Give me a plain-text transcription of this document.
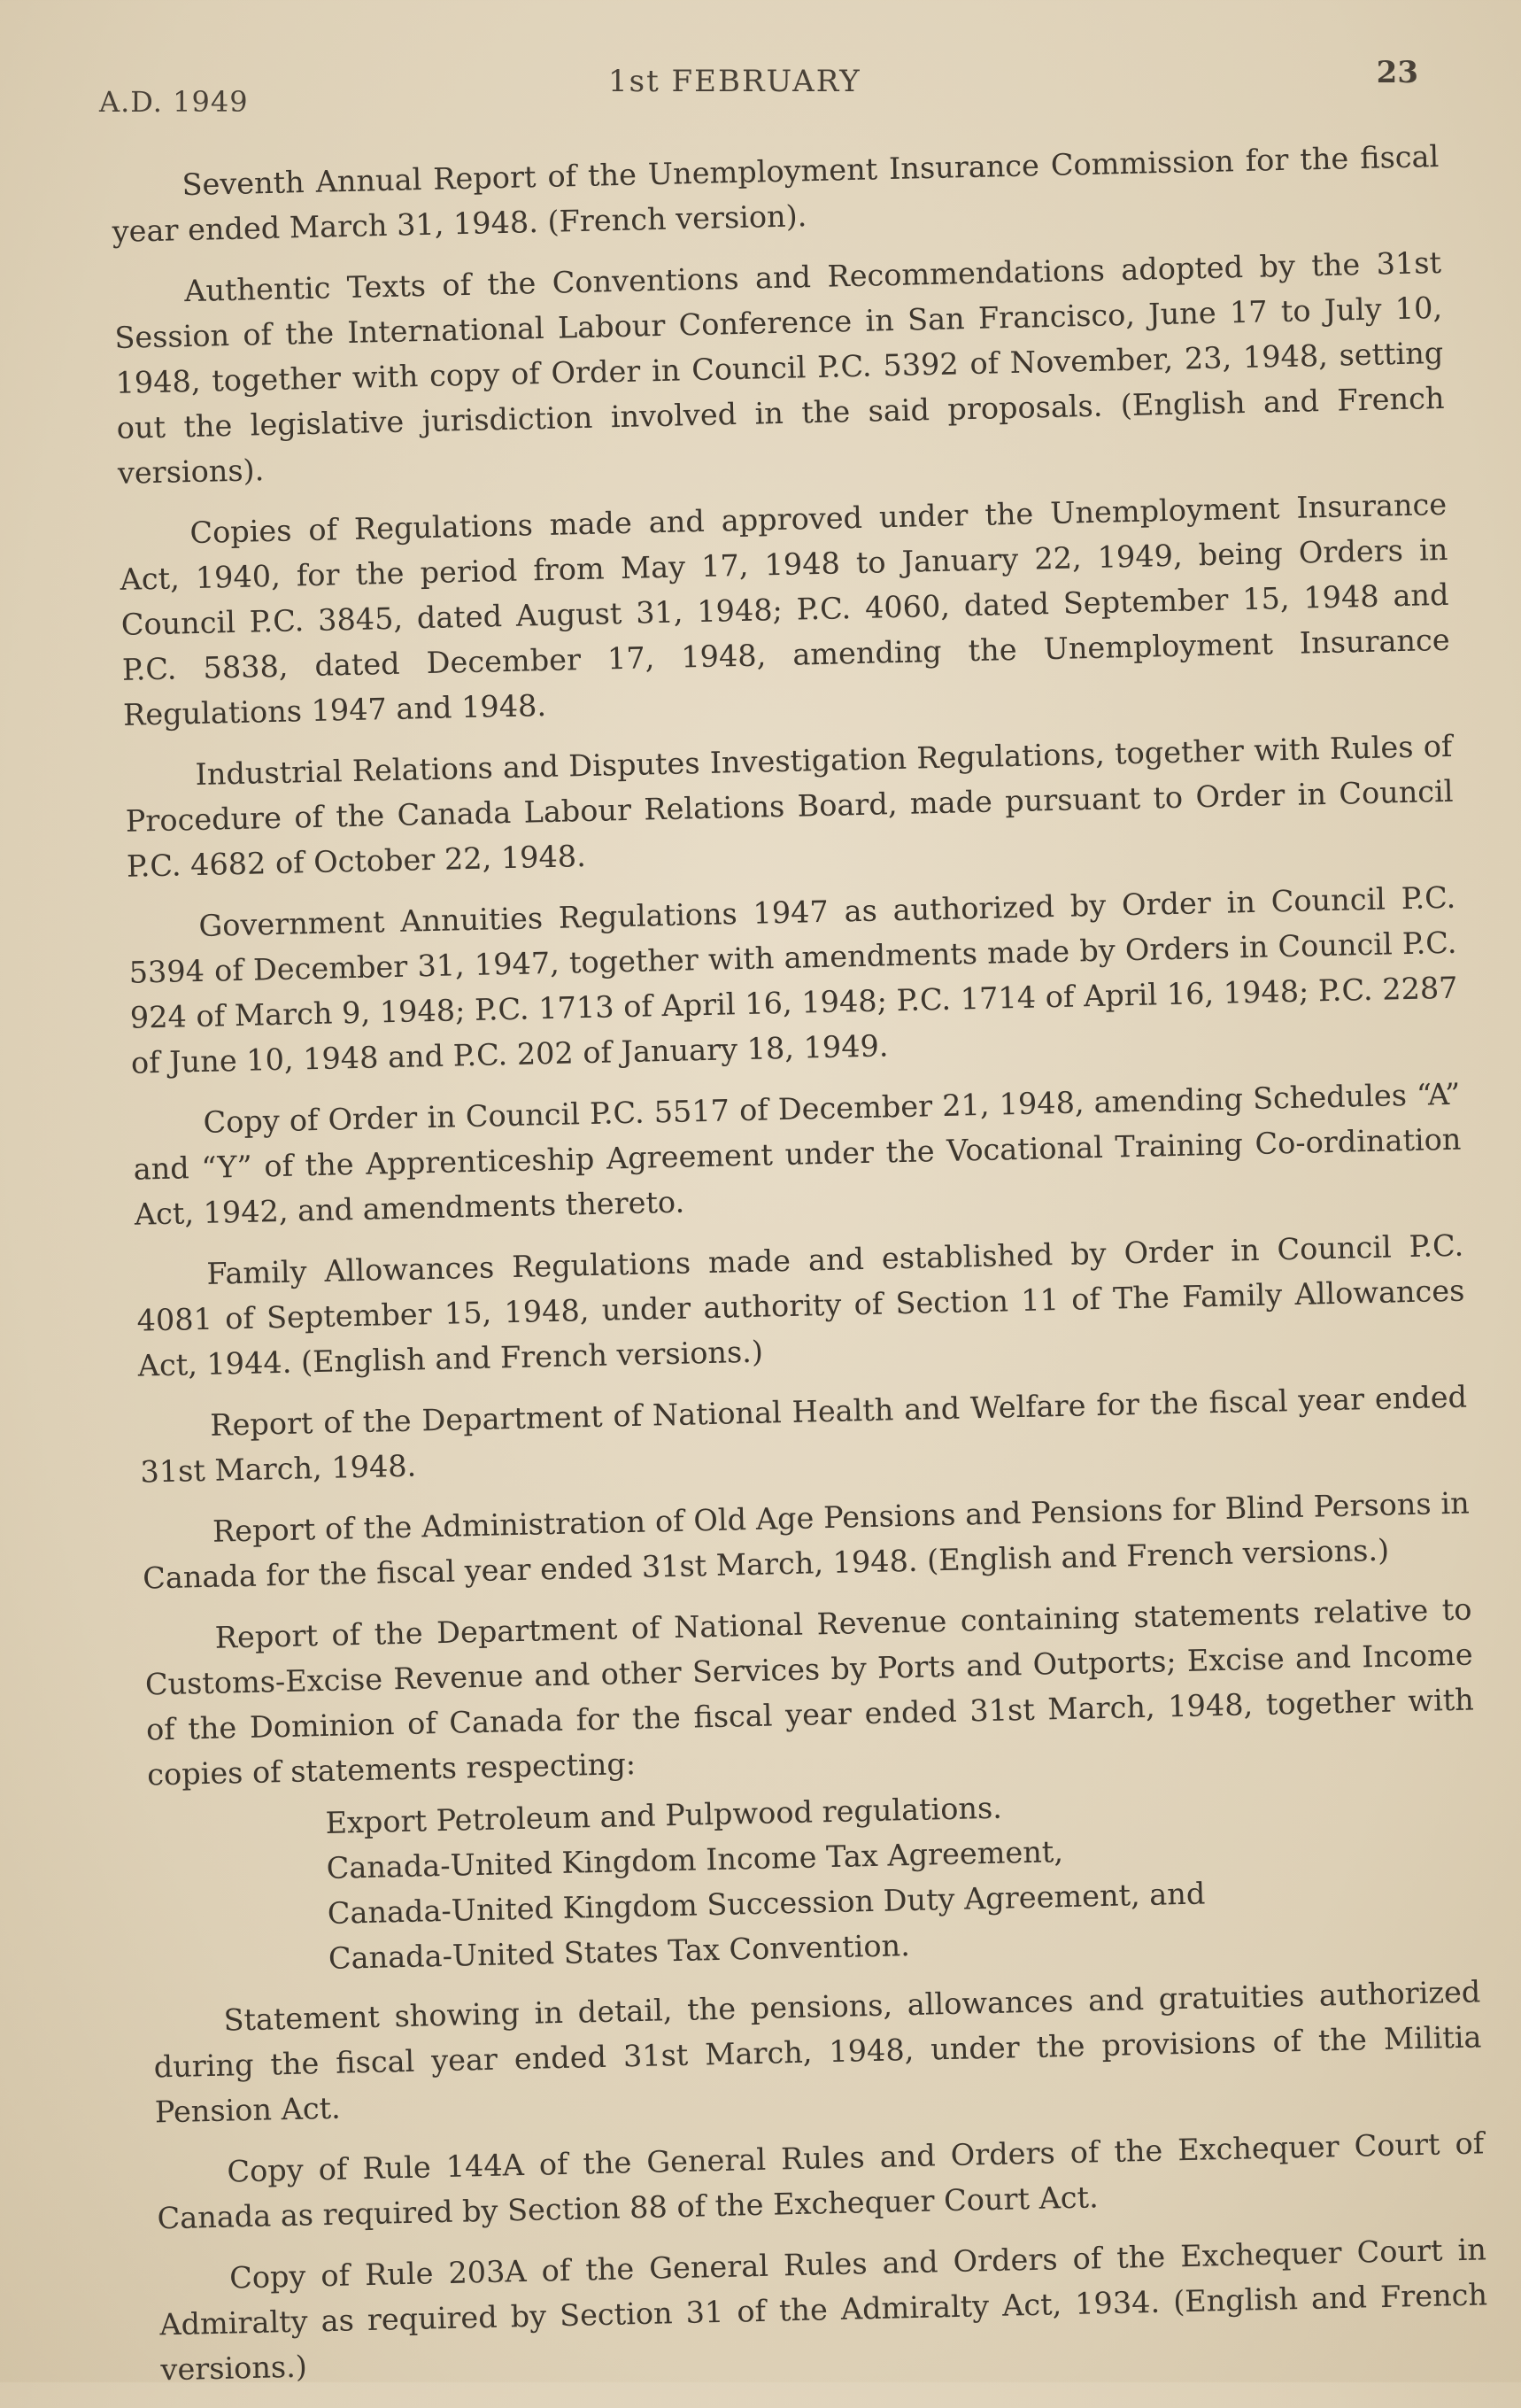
A.D. 1949
1st FEBRUARY	23

Seventh Annual Report of the Unemployment Insurance Commission for the fiscal year ended March 31, 1948. (French version).

Authentic Texts of the Conventions and Recommendations adopted by the 31st Session of the International Labour Conference in San Francisco, June 17 to July 10, 1948, together with copy of Order in Council P.C. 5392 of November, 23, 1948, setting out the legislative jurisdiction involved in the said proposals. (English and French versions).

Copies of Regulations made and approved under the Unemployment Insurance Act, 1940, for the period from May 17, 1948 to January 22, 1949, being Orders in Council P.C. 3845, dated August 31, 1948; P.C. 4060, dated September 15, 1948 and P.C. 5838, dated December 17, 1948, amending the Unemployment Insurance Regulations 1947 and 1948.

Industrial Relations and Disputes Investigation Regulations, together with Rules of Procedure of the Canada Labour Relations Board, made pursuant to Order in Council P.C. 4682 of October 22, 1948.

Government Annuities Regulations 1947 as authorized by Order in Council P.C. 5394 of December 31, 1947, together with amendments made by Orders in Council P.C. 924 of March 9, 1948; P.C. 1713 of April 16, 1948; P.C. 1714 of April 16, 1948; P.C. 2287 of June 10, 1948 and P.C. 202 of January 18, 1949.

Copy of Order in Council P.C. 5517 of December 21, 1948, amending Schedules “A” and “Y” of the Apprenticeship Agreement under the Vocational Training Co-ordination Act, 1942, and amendments thereto.

Family Allowances Regulations made and established by Order in Council P.C. 4081 of September 15, 1948, under authority of Section 11 of The Family Allowances Act, 1944. (English and French versions.)

Report of the Department of National Health and Welfare for the fiscal year ended 31st March, 1948.

Report of the Administration of Old Age Pensions and Pensions for Blind Persons in Canada for the fiscal year ended 31st March, 1948. (English and French versions.)

Report of the Department of National Revenue containing statements relative to Customs-Excise Revenue and other Services by Ports and Outports; Excise and Income of the Dominion of Canada for the fiscal year ended 31st March, 1948, together with copies of statements respecting:

Export Petroleum and Pulpwood regulations.
Canada-United Kingdom Income Tax Agreement,
Canada-United Kingdom Succession Duty Agreement, and
Canada-United States Tax Convention.

Statement showing in detail, the pensions, allowances and gratuities authorized during the fiscal year ended 31st March, 1948, under the provisions of the Militia Pension Act.

Copy of Rule 144A of the General Rules and Orders of the Exchequer Court of Canada as required by Section 88 of the Exchequer Court Act.

Copy of Rule 203A of the General Rules and Orders of the Exchequer Court in Admiralty as required by Section 31 of the Admiralty Act, 1934. (English and French versions.)
